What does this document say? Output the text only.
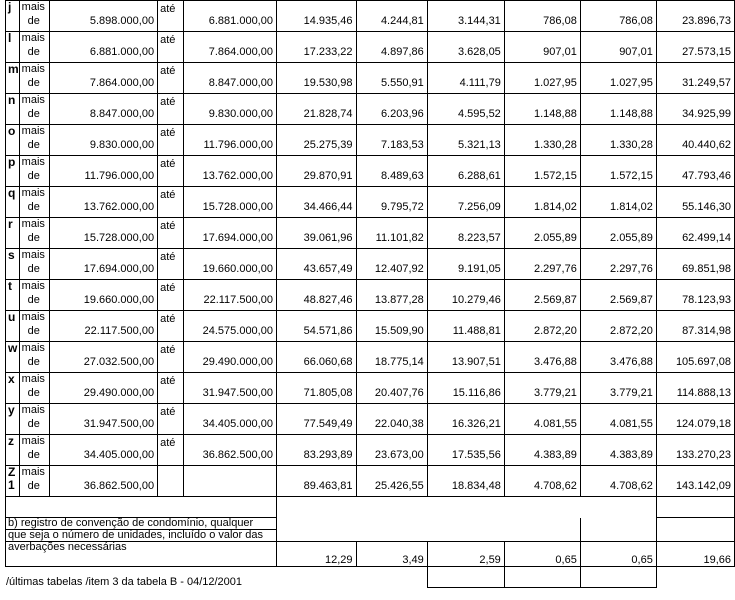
j	mais
de	5.898.000,00	até	6.881.000,00	14.935,46	4.244,81	3.144,31	786,08	786,08	23.896,73

l	mais
de	6.881.000,00	até	7.864.000,00	17.233,22	4.897,86	3.628,05	907,01	907,01	27.573,15

m	mais
de	7.864.000,00	até	8.847.000,00	19.530,98	5.550,91	4.111,79	1.027,95	1.027,95	31.249,57

n	mais
de	8.847.000,00	até	9.830.000,00	21.828,74	6.203,96	4.595,52	1.148,88	1.148,88	34.925,99

o	mais
de	9.830.000,00	até	11.796.000,00	25.275,39	7.183,53	5.321,13	1.330,28	1.330,28	40.440,62

p	mais
de	11.796.000,00	até	13.762.000,00	29.870,91	8.489,63	6.288,61	1.572,15	1.572,15	47.793,46

q	mais
de	13.762.000,00	até	15.728.000,00	34.466,44	9.795,72	7.256,09	1.814,02	1.814,02	55.146,30

r	mais
de	15.728.000,00	até	17.694.000,00	39.061,96	11.101,82	8.223,57	2.055,89	2.055,89	62.499,14

s	mais
de	17.694.000,00	até	19.660.000,00	43.657,49	12.407,92	9.191,05	2.297,76	2.297,76	69.851,98

t	mais
de	19.660.000,00	até	22.117.500,00	48.827,46	13.877,28	10.279,46	2.569,87	2.569,87	78.123,93

u	mais
de	22.117.500,00	até	24.575.000,00	54.571,86	15.509,90	11.488,81	2.872,20	2.872,20	87.314,98

w	mais
de	27.032.500,00	até	29.490.000,00	66.060,68	18.775,14	13.907,51	3.476,88	3.476,88	105.697,08

x	mais
de	29.490.000,00	até	31.947.500,00	71.805,08	20.407,76	15.116,86	3.779,21	3.779,21	114.888,13

y	mais
de	31.947.500,00	até	34.405.000,00	77.549,49	22.040,38	16.326,21	4.081,55	4.081,55	124.079,18

z	mais
de	34.405.000,00	até	36.862.500,00	83.293,89	23.673,00	17.535,56	4.383,89	4.383,89	133.270,23

Z
1	mais
de	36.862.500,00			89.463,81	25.426,55	18.834,48	4.708,62	4.708,62	143.142,09

b) registro de convenção de condomínio, qualquer										
que seja o número de unidades, incluído o valor das										
averbações necessárias					12,29	3,49	2,59	0,65	0,65	19,66

/últimas tabelas /item 3 da tabela B - 04/12/2001
